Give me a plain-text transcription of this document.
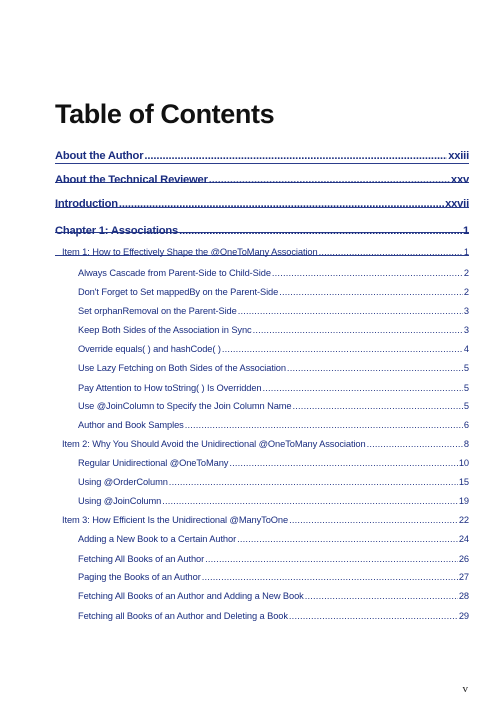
Table of Contents
About the Author . . .	xxiii
About the Technical Reviewer . . .	xxv
Introduction . . .	xxvii
Chapter 1: Associations . . .	1
Item 1: How to Effectively Shape the @OneToMany Association . . .	1
Always Cascade from Parent-Side to Child-Side . . .	2
Don't Forget to Set mappedBy on the Parent-Side . . .	2
Set orphanRemoval on the Parent-Side . . .	3
Keep Both Sides of the Association in Sync . . .	3
Override equals( ) and hashCode( ) . . .	4
Use Lazy Fetching on Both Sides of the Association . . .	5
Pay Attention to How toString( ) Is Overridden . . .	5
Use @JoinColumn to Specify the Join Column Name . . .	5
Author and Book Samples . . .	6
Item 2: Why You Should Avoid the Unidirectional @OneToMany Association . . .	8
Regular Unidirectional @OneToMany . . .	10
Using @OrderColumn . . .	15
Using @JoinColumn . . .	19
Item 3: How Efficient Is the Unidirectional @ManyToOne . . .	22
Adding a New Book to a Certain Author . . .	24
Fetching All Books of an Author . . .	26
Paging the Books of an Author . . .	27
Fetching All Books of an Author and Adding a New Book . . .	28
Fetching all Books of an Author and Deleting a Book . . .	29
v
